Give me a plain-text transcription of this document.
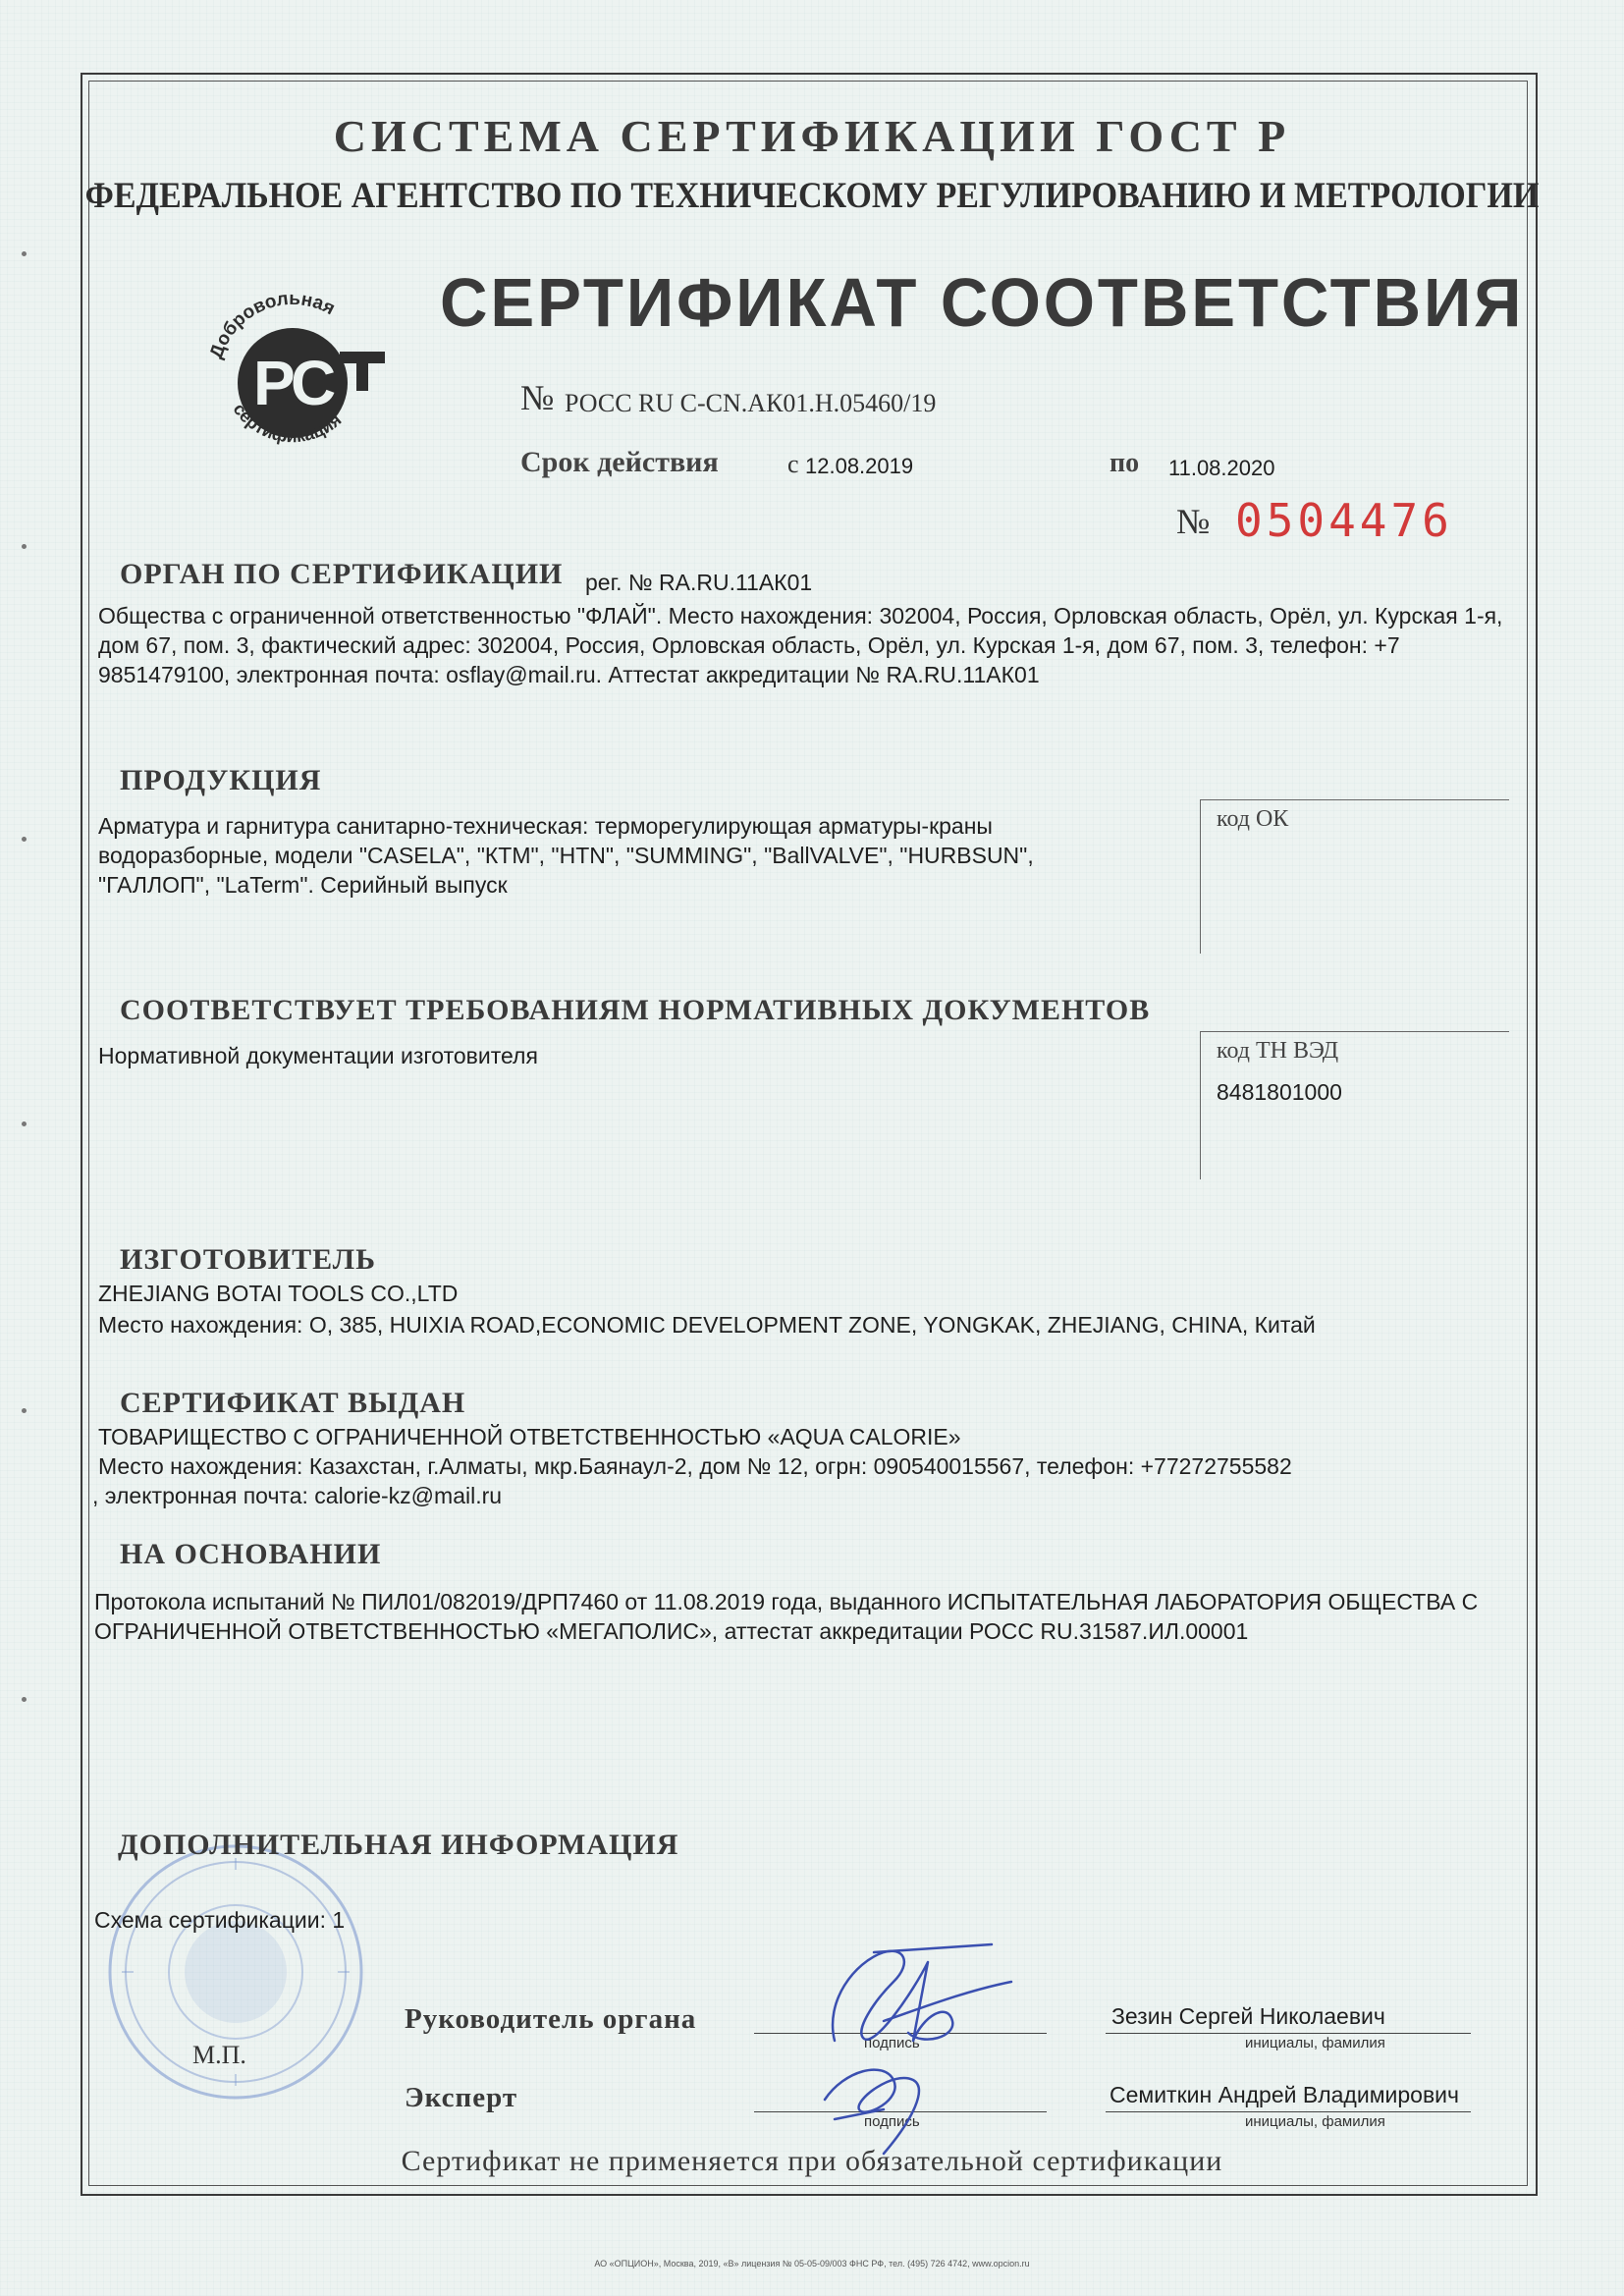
СИСТЕМА СЕРТИФИКАЦИИ ГОСТ Р
ФЕДЕРАЛЬНОЕ АГЕНТСТВО ПО ТЕХНИЧЕСКОМУ РЕГУЛИРОВАНИЮ И МЕТРОЛОГИИ
СЕРТИФИКАТ СООТВЕТСТВИЯ
Р
С
Добровольная
сертификация
№ РОСС RU С-CN.АК01.Н.05460/19
Срок действия	с 12.08.2019	по 11.08.2020
№ 0504476
ОРГАН ПО СЕРТИФИКАЦИИ рег. № RA.RU.11АК01
Общества с ограниченной ответственностью "ФЛАЙ". Место нахождения: 302004, Россия, Орловская область, Орёл, ул. Курская 1-я, дом 67, пом. 3, фактический адрес: 302004, Россия, Орловская область, Орёл, ул. Курская 1-я, дом 67, пом. 3, телефон: +7 9851479100, электронная почта: osflay@mail.ru. Аттестат аккредитации № RA.RU.11АК01
ПРОДУКЦИЯ
Арматура и гарнитура санитарно-техническая: терморегулирующая арматуры-краны водоразборные, модели "CASELA", "КТМ", "HTN", "SUMMING", "BallVALVE", "HURBSUN", "ГАЛЛОП", "LaTerm". Серийный выпуск
код ОК
СООТВЕТСТВУЕТ ТРЕБОВАНИЯМ НОРМАТИВНЫХ ДОКУМЕНТОВ
Нормативной документации изготовителя	код ТН ВЭД
8481801000
ИЗГОТОВИТЕЛЬ
ZHEJIANG BOTAI TOOLS CO.,LTD
Место нахождения: О, 385, HUIXIA ROAD,ECONOMIC DEVELOPMENT ZONE, YONGKAK, ZHEJIANG, CHINA, Китай
СЕРТИФИКАТ ВЫДАН
ТОВАРИЩЕСТВО С ОГРАНИЧЕННОЙ ОТВЕТСТВЕННОСТЬЮ «AQUA CALORIE»
Место нахождения: Казахстан, г.Алматы, мкр.Баянаул-2, дом № 12, огрн: 090540015567, телефон: +77272755582
, электронная почта: calorie-kz@mail.ru
НА ОСНОВАНИИ
Протокола испытаний № ПИЛ01/082019/ДРП7460 от 11.08.2019 года, выданного ИСПЫТАТЕЛЬНАЯ ЛАБОРАТОРИЯ ОБЩЕСТВА С ОГРАНИЧЕННОЙ ОТВЕТСТВЕННОСТЬЮ «МЕГАПОЛИС», аттестат аккредитации РОСС RU.31587.ИЛ.00001
ДОПОЛНИТЕЛЬНАЯ ИНФОРМАЦИЯ
Схема сертификации: 1
М.П.
Руководитель органа
подпись
Зезин Сергей Николаевич
инициалы, фамилия
Эксперт
подпись
Семиткин Андрей Владимирович
инициалы, фамилия
Сертификат не применяется при обязательной сертификации
АО «ОПЦИОН», Москва, 2019, «В» лицензия № 05-05-09/003 ФНС РФ, тел. (495) 726 4742, www.opcion.ru
